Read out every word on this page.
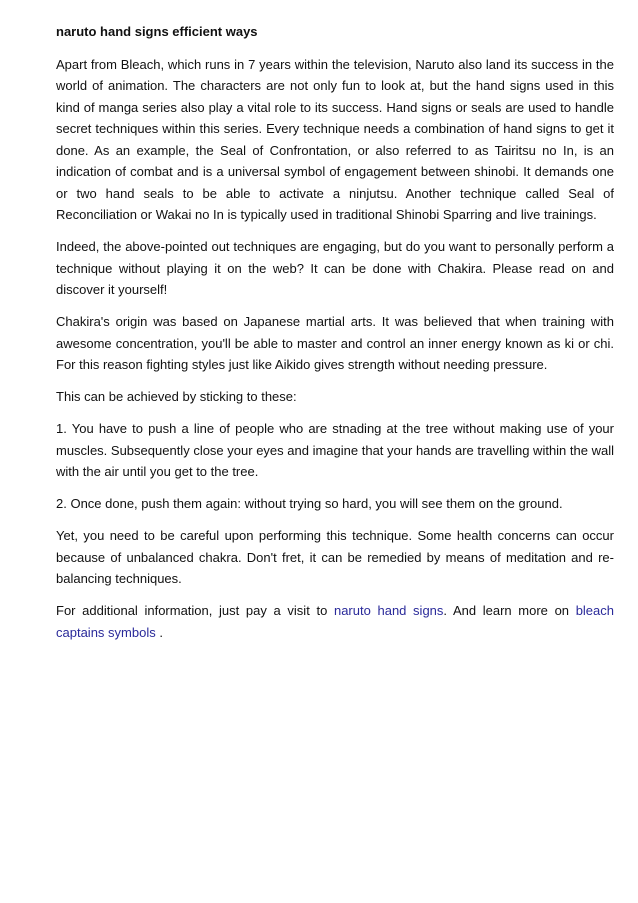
naruto hand signs efficient ways

Apart from Bleach, which runs in 7 years within the television, Naruto also land its success in the world of animation. The characters are not only fun to look at, but the hand signs used in this kind of manga series also play a vital role to its success. Hand signs or seals are used to handle secret techniques within this series. Every technique needs a combination of hand signs to get it done. As an example, the Seal of Confrontation, or also referred to as Tairitsu no In, is an indication of combat and is a universal symbol of engagement between shinobi. It demands one or two hand seals to be able to activate a ninjutsu. Another technique called Seal of Reconciliation or Wakai no In is typically used in traditional Shinobi Sparring and live trainings.

Indeed, the above-pointed out techniques are engaging, but do you want to personally perform a technique without playing it on the web? It can be done with Chakira. Please read on and discover it yourself!

Chakira's origin was based on Japanese martial arts. It was believed that when training with awesome concentration, you'll be able to master and control an inner energy known as ki or chi. For this reason fighting styles just like Aikido gives strength without needing pressure.

This can be achieved by sticking to these:

1. You have to push a line of people who are stnading at the tree without making use of your muscles. Subsequently close your eyes and imagine that your hands are travelling within the wall with the air until you get to the tree.

2. Once done, push them again: without trying so hard, you will see them on the ground.

Yet, you need to be careful upon performing this technique. Some health concerns can occur because of unbalanced chakra. Don't fret, it can be remedied by means of meditation and re-balancing techniques.

For additional information, just pay a visit to naruto hand signs. And learn more on bleach captains symbols .
